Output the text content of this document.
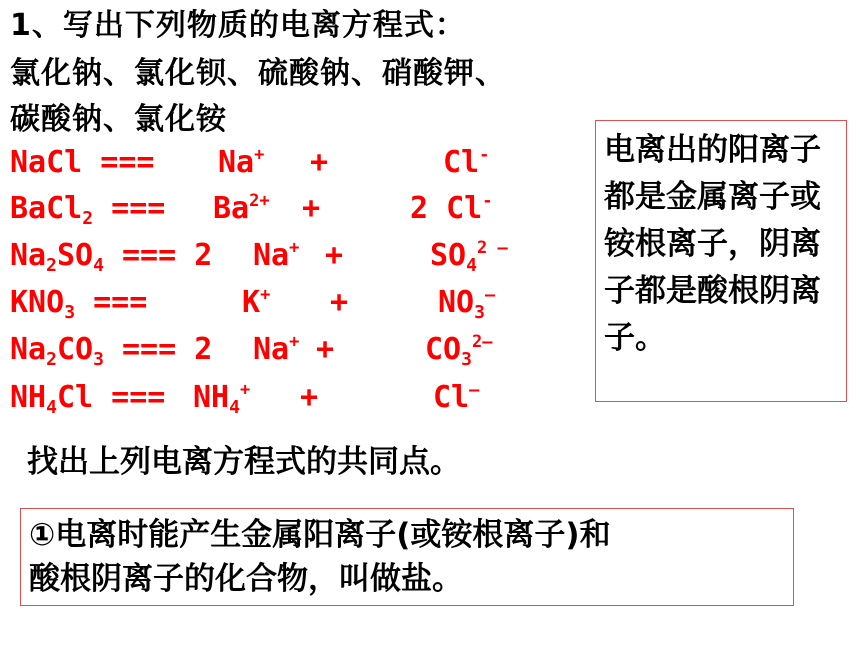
1、写出下列物质的电离方程式：
氯化钠、氯化钡、硫酸钠、硝酸钾、
碳酸钠、氯化铵
NaCl === Na+ +	Cl-
BaCl$_2$ === $Ba^{2+}$ +	2 Cl-
$Na_2SO_4$ === 2 Na+ +	$SO_4^{2 —}$
$KNO_3$ ===	K+ +	$NO_3^—$
$Na_2CO_3$ === 2 Na+ +	$CO_3^{2—}$
$NH_4Cl$ === $NH_4^+$ +	Cl—
电离出的阳离子都是金属离子或铵根离子，阴离子都是酸根阴离子。
找出上列电离方程式的共同点。
①电离时能产生金属阳离子(或铵根离子)和
酸根阴离子的化合物，叫做盐。
